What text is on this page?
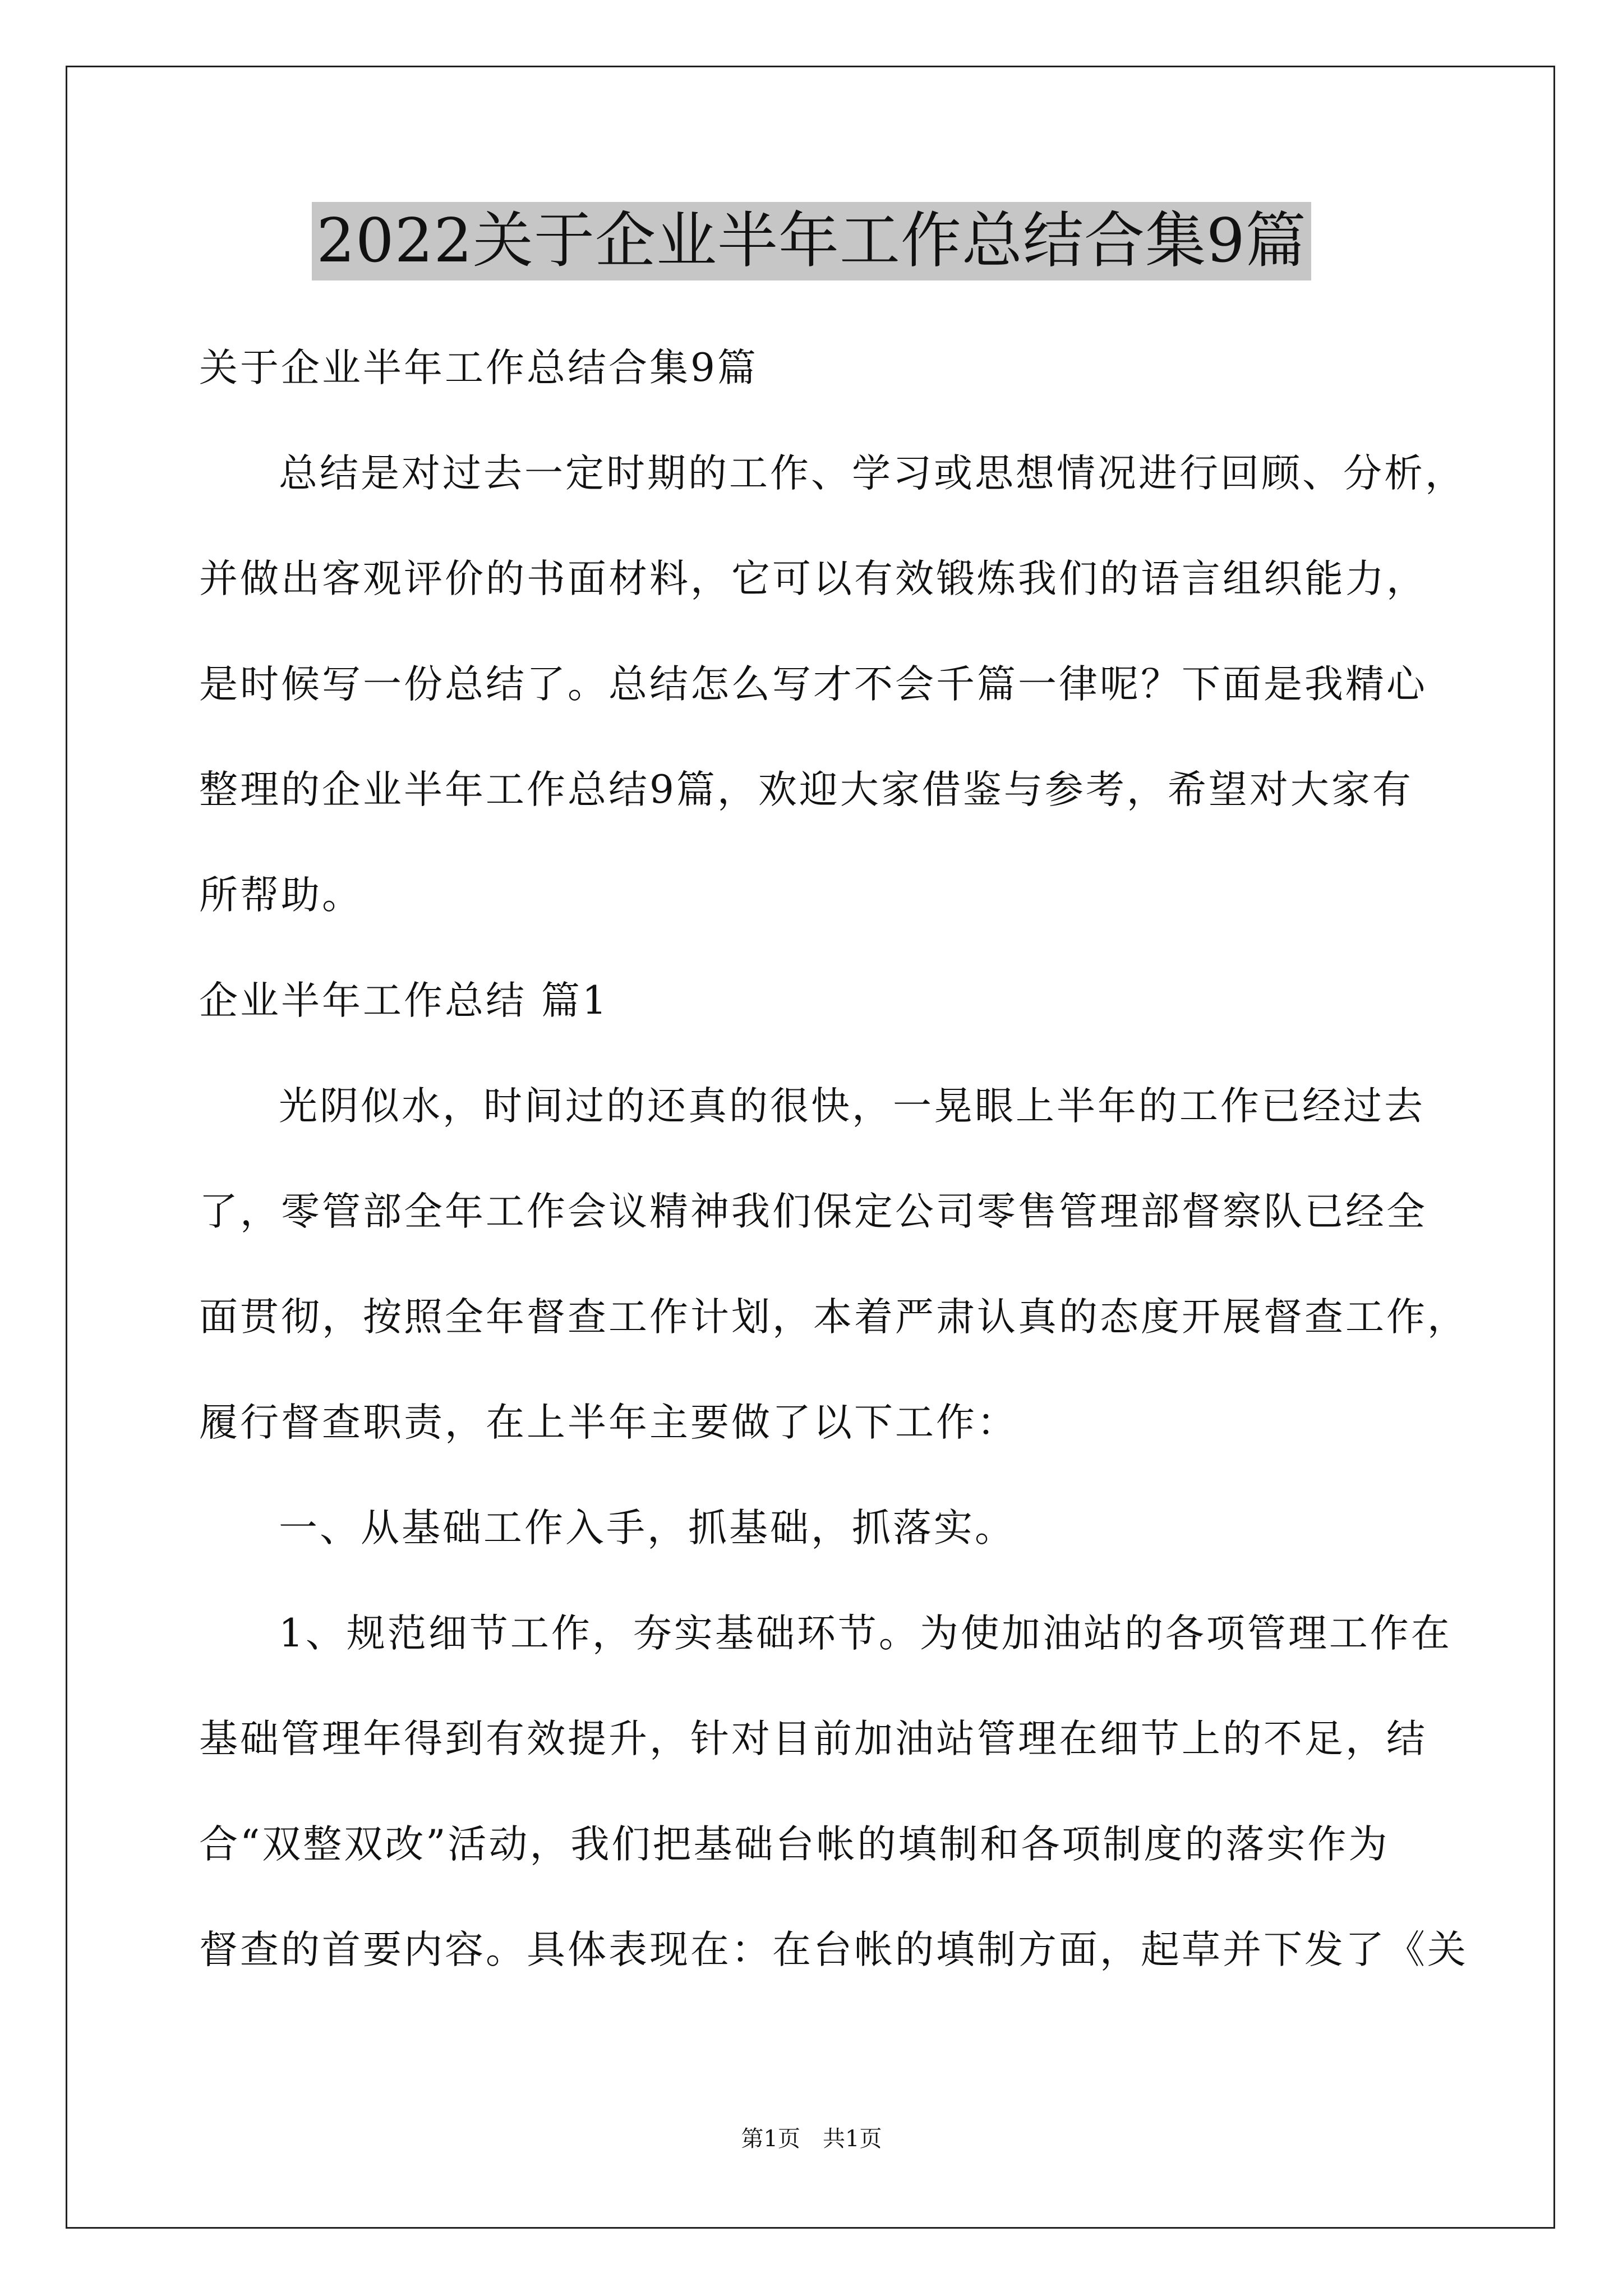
2022关于企业半年工作总结合集9篇
关于企业半年工作总结合集9篇
总结是对过去一定时期的工作、学习或思想情况进行回顾、分析，
并做出客观评价的书面材料，它可以有效锻炼我们的语言组织能力，
是时候写一份总结了。总结怎么写才不会千篇一律呢？下面是我精心
整理的企业半年工作总结9篇，欢迎大家借鉴与参考，希望对大家有
所帮助。
企业半年工作总结 篇1
光阴似水，时间过的还真的很快，一晃眼上半年的工作已经过去
了，零管部全年工作会议精神我们保定公司零售管理部督察队已经全
面贯彻，按照全年督查工作计划，本着严肃认真的态度开展督查工作，
履行督查职责，在上半年主要做了以下工作：
一、从基础工作入手，抓基础，抓落实。
1、规范细节工作，夯实基础环节。为使加油站的各项管理工作在
基础管理年得到有效提升，针对目前加油站管理在细节上的不足，结
合“双整双改”活动，我们把基础台帐的填制和各项制度的落实作为
督查的首要内容。具体表现在：在台帐的填制方面，起草并下发了《关
第1页　共1页
